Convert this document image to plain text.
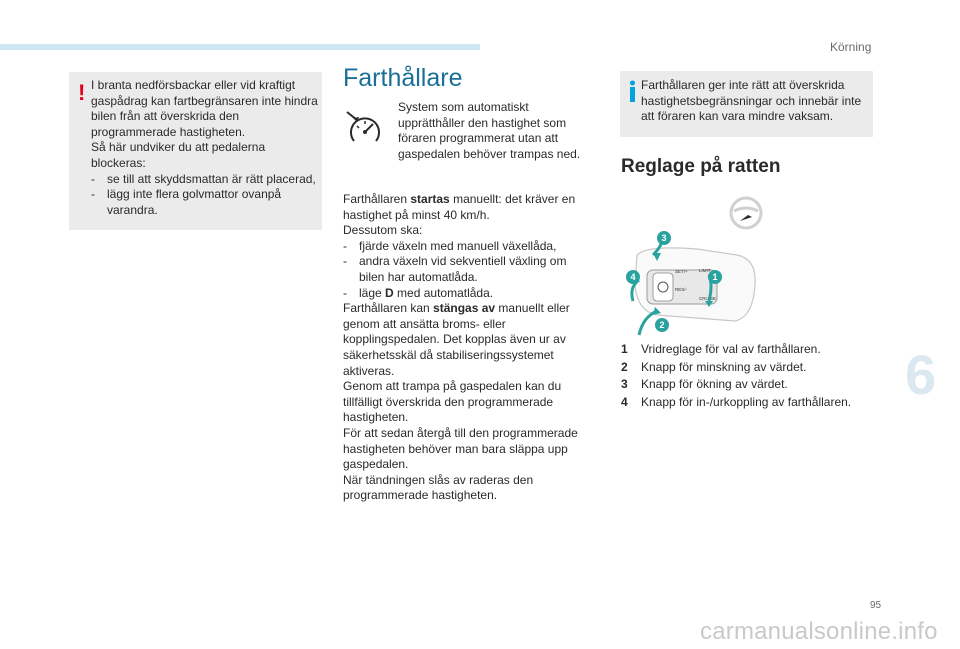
Körning
! I branta nedförsbackar eller vid kraftigt gaspådrag kan fartbegränsaren inte hindra bilen från att överskrida den programmerade hastigheten.
Så här undviker du att pedalerna blockeras:
- se till att skyddsmattan är rätt placerad,
- lägg inte flera golvmattor ovanpå varandra.
Farthållare
System som automatiskt upprätthåller den hastighet som föraren programmerat utan att gaspedalen behöver trampas ned.
Farthållaren startas manuellt: det kräver en hastighet på minst 40 km/h.
Dessutom ska:
- fjärde växeln med manuell växellåda,
- andra växeln vid sekventiell växling om bilen har automatlåda.
- läge D med automatlåda.
Farthållaren kan stängas av manuellt eller genom att ansätta broms- eller kopplingspedalen. Det kopplas även ur av säkerhetsskäl då stabiliseringssystemet aktiveras.
Genom att trampa på gaspedalen kan du tillfälligt överskrida den programmerade hastigheten.
För att sedan återgå till den programmerade hastigheten behöver man bara släppa upp gaspedalen.
När tändningen slås av raderas den programmerade hastigheten.
Farthållaren ger inte rätt att överskrida hastighetsbegränsningar och innebär inte att föraren kan vara mindre vaksam.
Reglage på ratten
SET/+
RES/-
LIMIT
CRUISE
3
4	1
2
1 Vridreglage för val av farthållaren.
2 Knapp för minskning av värdet.
3 Knapp för ökning av värdet.
4 Knapp för in-/urkoppling av farthållaren. 6
95
carmanualsonline.info
